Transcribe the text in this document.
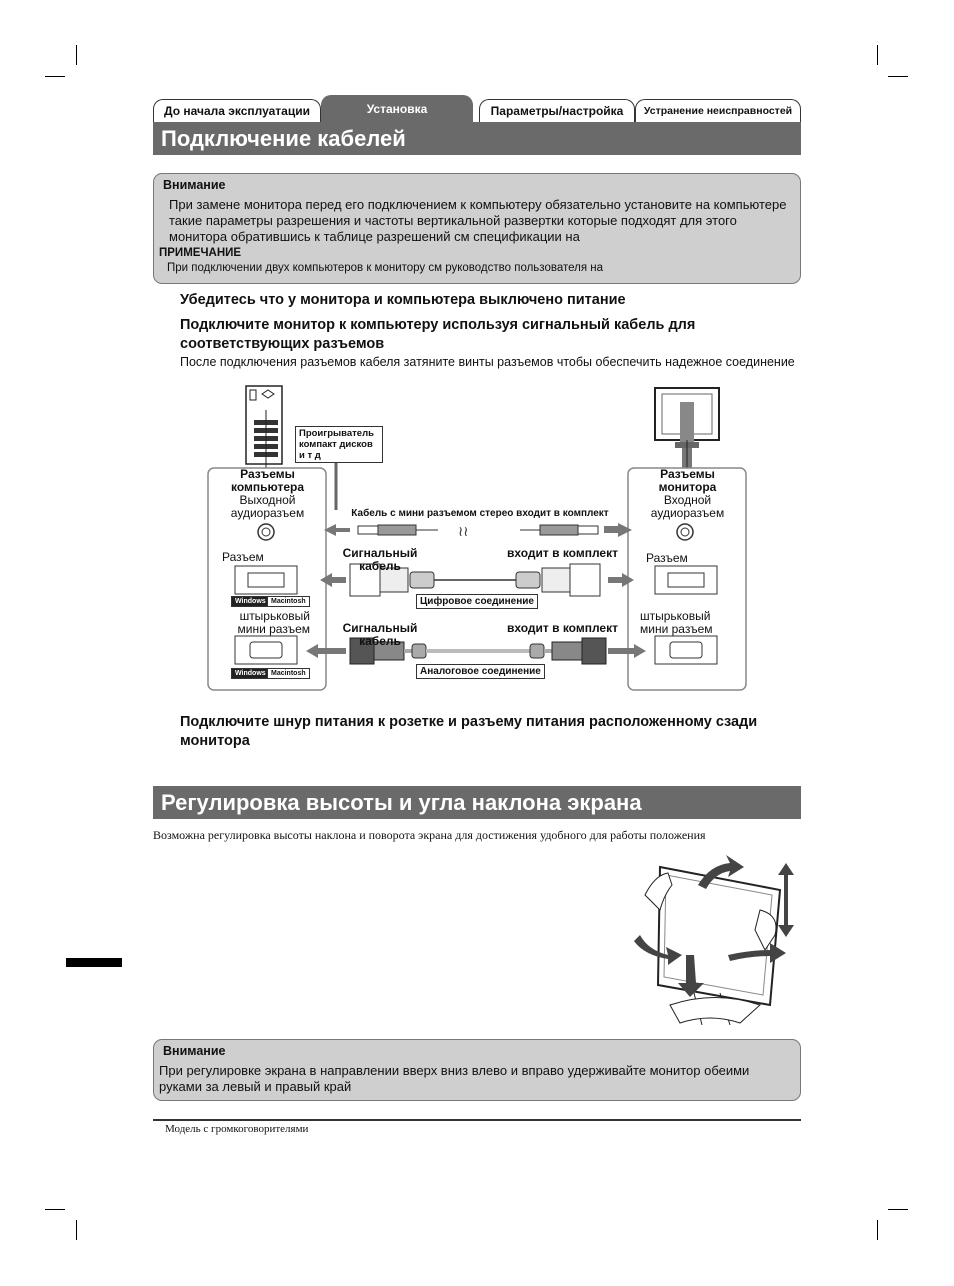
До начала эксплуатации	Установка	Параметры/настройка	Устранение неисправностей
Подключение кабелей
Внимание
При замене монитора перед его подключением к компьютеру обязательно установите на компьютере такие параметры разрешения и частоты вертикальной развертки которые подходят для этого монитора обратившись к таблице разрешений см спецификации на
ПРИМЕЧАНИЕ
При подключении двух компьютеров к монитору см руководство пользователя на
Убедитесь что у монитора и компьютера выключено питание
Подключите монитор к компьютеру используя сигнальный кабель для соответствующих разъемов
После подключения разъемов кабеля затяните винты разъемов чтобы обеспечить надежное соединение
≀≀
Проигрыватель компакт дисков и т д
Разъемы компьютера
Выходной аудиоразъем
Разъемы монитора
Входной аудиоразъем
Кабель с мини разъемом стерео входит в комплект
Сигнальный кабель
входит в комплект
Разъем	Разъем
Windows Macintosh	Цифровое соединение
штырьковый мини разъем
штырьковый мини разъем
Сигнальный кабель
входит в комплект
Windows Macintosh	Аналоговое соединение
Подключите шнур питания к розетке и разъему питания расположенному сзади монитора
Регулировка высоты и угла наклона экрана
Возможна регулировка высоты наклона и поворота экрана для достижения удобного для работы положения
Внимание
При регулировке экрана в направлении вверх вниз влево и вправо удерживайте монитор обеими руками за левый и правый край
Модель с громкоговорителями
